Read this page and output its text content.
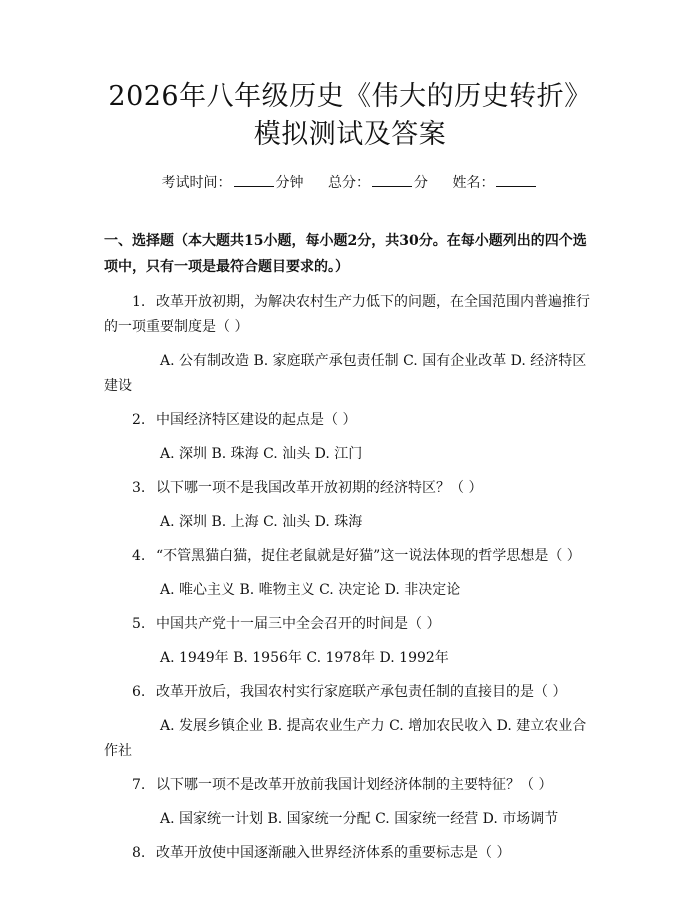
2026年八年级历史《伟大的历史转折》模拟测试及答案
考试时间：	分钟 总分：	分 姓名：
一、选择题（本大题共15小题，每小题2分，共30分。在每小题列出的四个选项中，只有一项是最符合题目要求的。）

1. 改革开放初期，为解决农村生产力低下的问题，在全国范围内普遍推行的一项重要制度是（ ）

A. 公有制改造 B. 家庭联产承包责任制 C. 国有企业改革 D. 经济特区建设

2. 中国经济特区建设的起点是（ ）

A. 深圳 B. 珠海 C. 汕头 D. 江门

3. 以下哪一项不是我国改革开放初期的经济特区？（ ）

A. 深圳 B. 上海 C. 汕头 D. 珠海

4. “不管黑猫白猫，捉住老鼠就是好猫”这一说法体现的哲学思想是（ ）

A. 唯心主义 B. 唯物主义 C. 决定论 D. 非决定论

5. 中国共产党十一届三中全会召开的时间是（ ）

A. 1949年 B. 1956年 C. 1978年 D. 1992年

6. 改革开放后，我国农村实行家庭联产承包责任制的直接目的是（ ）

A. 发展乡镇企业 B. 提高农业生产力 C. 增加农民收入 D. 建立农业合作社

7. 以下哪一项不是改革开放前我国计划经济体制的主要特征？（ ）

A. 国家统一计划 B. 国家统一分配 C. 国家统一经营 D. 市场调节

8. 改革开放使中国逐渐融入世界经济体系的重要标志是（ ）
